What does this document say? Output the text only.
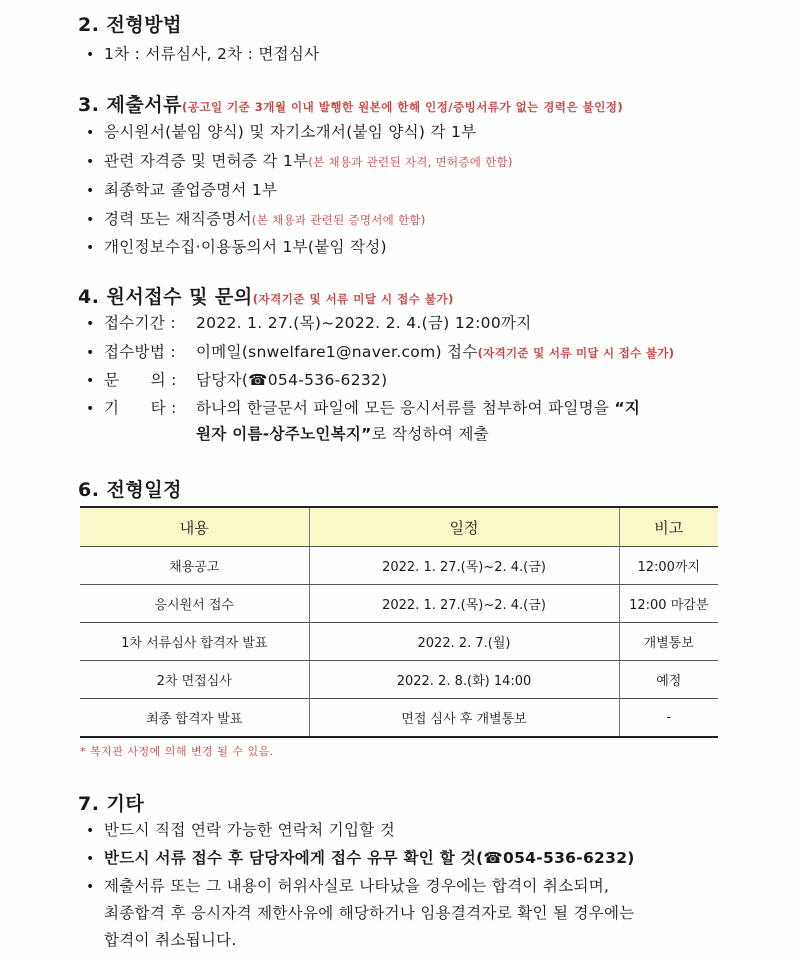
2. 전형방법
• 1차 : 서류심사, 2차 : 면접심사
3. 제출서류(공고일 기준 3개월 이내 발행한 원본에 한해 인정/증빙서류가 없는 경력은 불인정)
• 응시원서(붙임 양식) 및 자기소개서(붙임 양식) 각 1부
• 관련 자격증 및 면허증 각 1부(본 채용과 관련된 자격, 면허증에 한함)
• 최종학교 졸업증명서 1부
• 경력 또는 재직증명서(본 채용과 관련된 증명서에 한함)
• 개인정보수집·이용동의서 1부(붙임 작성)
4. 원서접수 및 문의(자격기준 및 서류 미달 시 접수 불가)
• 접수기간 : 2022. 1. 27.(목)~2022. 2. 4.(금) 12:00까지
• 접수방법 : 이메일(snwelfare1@naver.com) 접수(자격기준 및 서류 미달 시 접수 불가)
• 문      의 : 담당자(☎054-536-6232)
• 기      타 : 하나의 한글문서 파일에 모든 응시서류를 첨부하여 파일명을 “지
원자 이름-상주노인복지”로 작성하여 제출
6. 전형일정
내용	일정	비고
채용공고	2022. 1. 27.(목)~2. 4.(금)	12:00까지
응시원서 접수	2022. 1. 27.(목)~2. 4.(금)	12:00 마감분
1차 서류심사 합격자 발표	2022. 2. 7.(월)	개별통보
2차 면접심사	2022. 2. 8.(화) 14:00	예정
최종 합격자 발표	면접 심사 후 개별통보	-
* 복지관 사정에 의해 변경 될 수 있음.
7. 기타
• 반드시 직접 연락 가능한 연락처 기입할 것
• 반드시 서류 접수 후 담당자에게 접수 유무 확인 할 것(☎054-536-6232)
• 제출서류 또는 그 내용이 허위사실로 나타났을 경우에는 합격이 취소되며,
최종합격 후 응시자격 제한사유에 해당하거나 임용결격자로 확인 될 경우에는
합격이 취소됩니다.
